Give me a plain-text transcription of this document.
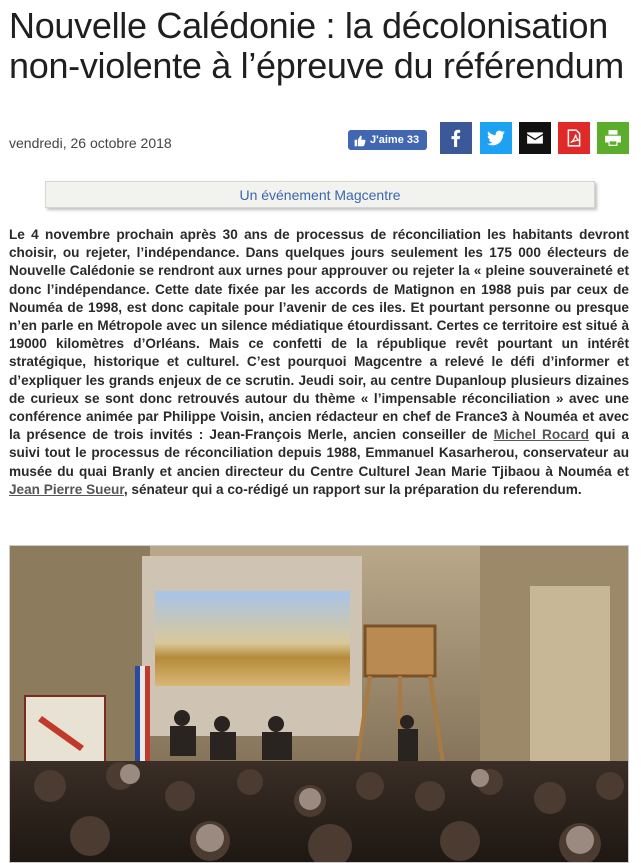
Nouvelle Calédonie : la décolonisation non-violente à l’épreuve du référendum
vendredi, 26 octobre 2018	J'aime 33
Un événement Magcentre

Le 4 novembre prochain après 30 ans de processus de réconciliation les habitants devront choisir, ou rejeter, l’indépendance. Dans quelques jours seulement les 175 000 électeurs de Nouvelle Calédonie se rendront aux urnes pour approuver ou rejeter la « pleine souveraineté et donc l’indépendance. Cette date fixée par les accords de Matignon en 1988 puis par ceux de Nouméa de 1998, est donc capitale pour l’avenir de ces iles. Et pourtant personne ou presque n’en parle en Métropole avec un silence médiatique étourdissant. Certes ce territoire est situé à 19000 kilomètres d’Orléans. Mais ce confetti de la république revêt pourtant un intérêt stratégique, historique et culturel. C’est pourquoi Magcentre a relevé le défi d’informer et d’expliquer les grands enjeux de ce scrutin. Jeudi soir, au centre Dupanloup plusieurs dizaines de curieux se sont donc retrouvés autour du thème « l’impensable réconciliation » avec une conférence animée par Philippe Voisin, ancien rédacteur en chef de France3 à Nouméa et avec la présence de trois invités : Jean-François Merle, ancien conseiller de Michel Rocard qui a suivi tout le processus de réconciliation depuis 1988, Emmanuel Kasarherou, conservateur au musée du quai Branly et ancien directeur du Centre Culturel Jean Marie Tjibaou à Nouméa et Jean Pierre Sueur, sénateur qui a co-rédigé un rapport sur la préparation du referendum.
